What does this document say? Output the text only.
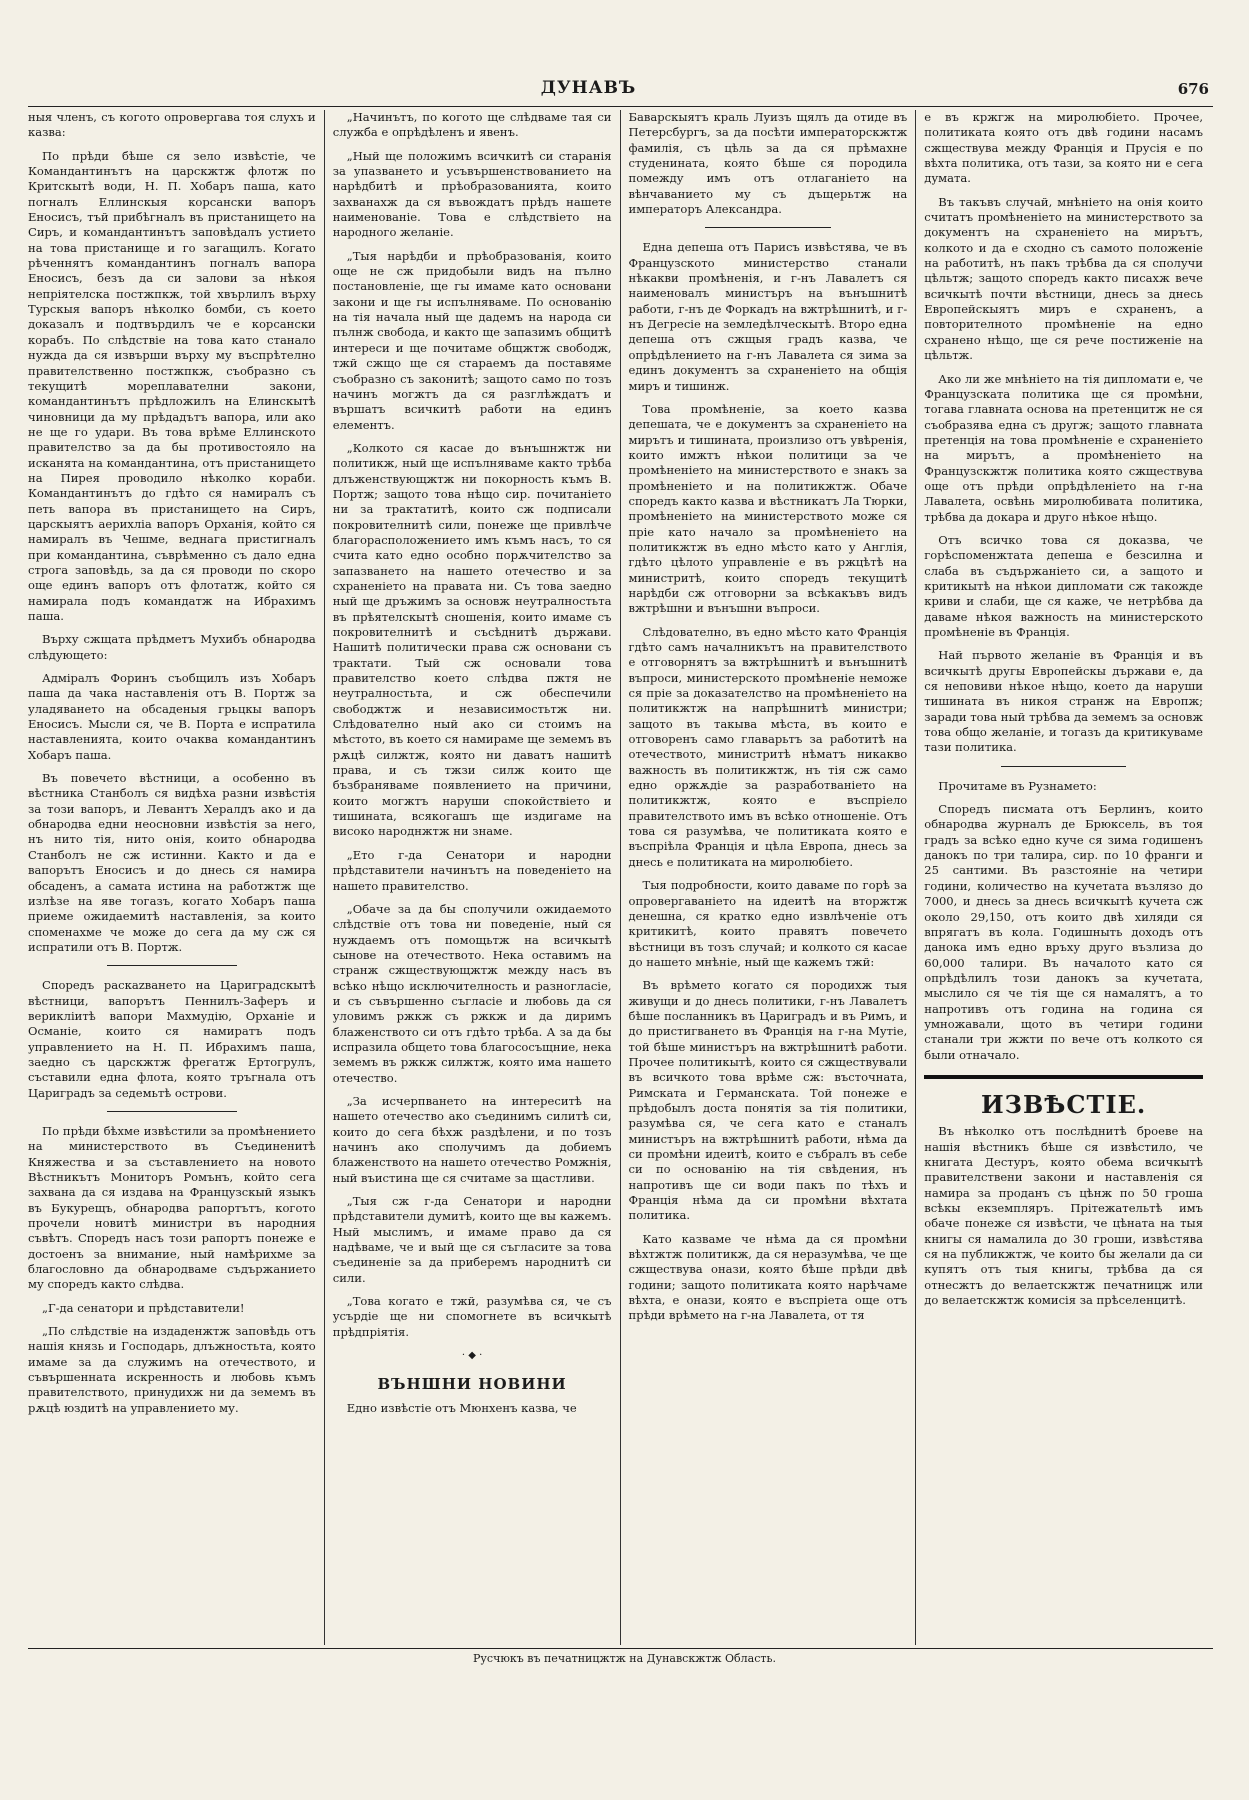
ДУНАВЪ	676

ныя членъ, съ когото опровергава тоя слухъ и казва:

По прѣди бѣше ся зело извѣстіе, че Командантинътъ на царскжтж флотж по Критскытѣ води, Н. П. Хобаръ паша, като погналъ Еллинскыя корсански вапоръ Еносисъ, тъй прибѣгналъ въ пристанището на Сиръ, и командантинътъ заповѣдалъ устието на това пристанище и го загащилъ. Когато рѣченнятъ командантинъ погналъ вапора Еносисъ, безъ да си залови за нѣкоя непріятелска постжпкж, той хвърлилъ върху Турскыя вапоръ нѣколко бомби, съ което доказалъ и подтвърдилъ че е корсански корабъ. По слѣдствіе на това като станало нужда да ся извърши върху му въспрѣтелно правителственно постжпкж, съобразно съ текущитѣ мореплавателни закони, командантинътъ прѣдложилъ на Елинскытѣ чиновници да му прѣдадътъ вапора, или ако не ще го удари. Въ това врѣме Еллинското правителство за да бы противостояло на исканята на командантина, отъ пристанището на Пирея проводило нѣколко кораби. Командантинътъ до гдѣто ся намиралъ съ петь вапора въ пристанището на Сиръ, царскыятъ аерихліа вапоръ Орханія, който ся намиралъ въ Чешме, веднага пристигналъ при командантина, съврѣменно съ дало една строга заповѣдь, за да ся проводи по скоро още единъ вапоръ отъ флотатж, който ся намирала подъ командатж на Ибрахимъ паша.

Върху сжщата прѣдметъ Мухибъ обнародва слѣдующето:

Адміралъ Форинъ съобщилъ изъ Хобаръ паша да чака наставленія отъ В. Портж за уладяването на обсаденыя грьцкы вапоръ Еносисъ. Мысли ся, че В. Порта е испратила наставленията, които очаква командантинъ Хобаръ паша.

Въ повечето вѣстници, а особенно въ вѣстника Станболъ ся видѣха разни извѣстія за този вапоръ, и Левантъ Хералдъ ако и да обнародва едни неосновни извѣстія за него, нъ нито тія, нито онія, които обнародва Станболъ не сж истинни. Както и да е вапорътъ Еносисъ и до днесь ся намира обсаденъ, а самата истина на работжтж ще излѣзе на яве тогазъ, когато Хобаръ паша приеме ожидаемитѣ наставленія, за които споменахме че може до сега да му сж ся испратили отъ В. Портж.

Споредъ раскazването на Цариградскытѣ вѣстници, вапорътъ Пеннилъ-Заферъ и верикліитѣ вапори Махмудію, Орханіе и Османіе, които ся намиратъ подъ управлението на Н. П. Ибрахимъ паша, заедно съ царскжтж фрегатж Ертогрулъ, съставили една флота, която тръгнала отъ Цариградъ за седемьтѣ острови.

По прѣди бѣхме извѣстили за промѣнението на министерството въ Съединенитѣ Княжества и за съставлението на новото Вѣстникътъ Мониторъ Ромънъ, който сега захвана да ся издава на Французскый языкъ въ Букурещъ, обнародва рапортътъ, когото прочели новитѣ министри въ народния съвѣтъ. Споредъ насъ този рапортъ понеже е достоенъ за внимание, ный намѣрихме за благословно да обнародваме съдържанието му споредъ както слѣдва.

„Г-да сенатори и прѣдставители!

„По слѣдствіе на издаденжтж заповѣдь отъ нашія князь и Господарь, длъжностьта, която имаме за да служимъ на отечеството, и съвършенната искренность и любовь къмъ правителството, принудихж ни да земемъ въ рѫцѣ юздитѣ на управлението му.

„Начинътъ, по когото ще слѣдваме тая си служба е опрѣдѣленъ и явенъ.

„Ный ще положимъ всичкитѣ си старанія за упазването и усъвършенствованието на нарѣдбитѣ и прѣобразованията, които захванахж да ся въвождатъ прѣдъ нашете наименованіе. Това е слѣдствіето на народного желаніе.

„Тыя нарѣдби и прѣобразованія, които още не сж придобыли видъ на пълно постановленіе, ще гы имаме като основани закони и ще гы испълняваме. По основанію на тія начала ный ще дадемъ на народа си пълнж свобода, и както ще запазимъ общитѣ интереси и ще почитаме общжтж свободж, тжй сжщо ще ся стараемъ да поставяме съобразно съ законитѣ; защото само по тозъ начинъ могжтъ да ся разглѣждатъ и вършатъ всичкитѣ работи на единъ елементъ.

„Колкото ся касае до вънъшнжтж ни политикж, ный ще испълняваме както трѣба длъженствующжтж ни покорность къмъ В. Портж; защото това нѣщо сир. почитаніето ни за трактатитѣ, които сж подписали покровителнитѣ сили, понеже ще привлѣче благорасположението имъ къмъ насъ, то ся счита като едно особно порѫчителство за запазването на нашето отечество и за схраненіето на правата ни. Съ това заедно ный ще дръжимъ за основж неутралностьта въ прѣятелскытѣ сношенія, които имаме съ покровителнитѣ и съсѣднитѣ държави. Нашитѣ политически права сж основани съ трактати. Тый сж основали това правителство което слѣдва пжтя не неутралностьта, и сж обеспечили свободжтж и независимостьтж ни. Слѣдователно ный ако си стоимъ на мѣстото, въ което ся намираме ще земемъ въ рѫцѣ силжтж, която ни даватъ нашитѣ права, и съ тжзи силж които ще бъзбраняваме появлението на причини, които могжтъ наруши спокойствіето и тишината, всякогашъ ще издигаме на високо народнжтж ни знаме.

„Ето г-да Сенатори и народни прѣдставители начинътъ на поведеніето на нашето правителство.

„Обаче за да бы сполучили ожидаемото слѣдствіе отъ това ни поведеніе, ный ся нуждаемъ отъ помощьтж на всичкытѣ сынове на отечеството. Нека оставимъ на странж сжществующжтж между насъ въ всѣко нѣщо исключителность и разногласіе, и съ съвършенно съгласіе и любовь да ся уловимъ ржкж съ ржкж и да диримъ блаженството си отъ гдѣто трѣба. А за да бы испразила общето това благососъщние, нека земемъ въ ржкж силжтж, която има нашето отечество.

„За исчерпването на интереситѣ на нашето отечество ако съединимъ силитѣ си, които до сега бѣхж раздѣлени, и по тозъ начинъ ако сполучимъ да добиемъ блаженството на нашето отечество Ромжнія, ный въистина ще ся считаме за щастливи.

„Тыя сж г-да Сенатори и народни прѣдставители думитѣ, които ще вы кажемъ. Ный мыслимъ, и имаме право да ся надѣваме, че и вый ще ся съгласите за това съединеніе за да приберемъ народнитѣ си сили.

„Това когато е тжй, разумѣва ся, че съ усърдіе ще ни спомогнете въ всичкытѣ прѣдпріятія.

· ◆ ·
ВЪНШНИ НОВИНИ

Едно извѣстіе отъ Мюнхенъ казва, че

Баварскыятъ краль Луизъ щялъ да отиде въ Петерсбургъ, за да посѣти императорскжтж фамилія, съ цѣль за да ся прѣмахне студенината, която бѣше ся породила помежду имъ отъ отлаганіето на вѣнчаванието му съ дъщерьтж на императоръ Александра.

Една депеша отъ Парисъ извѣстява, че въ Французското министерство станали нѣкакви промѣненія, и г-нъ Лавалетъ ся наименовалъ министъръ на вънъшнитѣ работи, г-нъ де Форкадъ на вжтрѣшнитѣ, и г-нъ Дегресіе на земледѣлческытѣ. Второ една депеша отъ сжщыя градъ казва, че опрѣдѣлението на г-нъ Лавалета ся зима за единъ документъ за схраненіето на общія миръ и тишинж.

Това промѣненіе, за което казва депешата, че е документъ за схраненіето на мирътъ и тишината, произлизо отъ увѣренія, които имжтъ нѣкои политици за че промѣненіето на министерството е знакъ за промѣненіето и на политикжтж. Обаче споредъ както казва и вѣстникатъ Ла Тюрки, промѣненіето на министерството може ся пріе като начало за промѣненіето на политикжтж въ едно мѣсто като у Англія, гдѣто цѣлото управленіе е въ ржцѣтѣ на министритѣ, които споредъ текущитѣ нарѣдби сж отговорни за всѣкакъвъ видъ вжтрѣшни и вънъшни въпроси.

Слѣдователно, въ едно мѣсто като Франція гдѣто самъ началникътъ на правителството е отговорнятъ за вжтрѣшнитѣ и вънъшнитѣ въпроси, министерското промѣненіе неможе ся пріе за доказателство на промѣненіето на политикжтж на напрѣшнитѣ министри; защото въ такыва мѣста, въ които е отговоренъ само главарьтъ за работитѣ на отечеството, министритѣ нѣматъ никакво важность въ политикжтж, нъ тія сж само едно оржѫдіе за разработваніето на политикжтж, която е въспріело правителството имъ въ всѣко отношеніе. Отъ това ся разумѣва, че политиката която е въспріѣла Франція и цѣла Европа, днесь за днесь е политиката на миролюбіето.

Тыя подробности, които даваме по горѣ за опровергаваніето на идеитѣ на вторжтж денешна, ся кратко едно извлѣченіе отъ критикитѣ, които правятъ повечето вѣстници въ тозъ случай; и колкото ся касае до нашето мнѣніе, ный ще кажемъ тжй:

Въ врѣмето когато ся породихж тыя живущи и до днесь политики, г-нъ Лавалетъ бѣше посланникъ въ Цариградъ и въ Римъ, и до пристигването въ Франція на г-на Мутіе, той бѣше министъръ на вжтрѣшнитѣ работи. Прочее политикытѣ, които ся сжществували въ всичкото това врѣме сж: въсточната, Римската и Германската. Той понеже е прѣдобылъ доста понятія за тія политики, разумѣва ся, че сега като е станалъ министъръ на вжтрѣшнитѣ работи, нѣма да си промѣни идеитѣ, които е събралъ въ себе си по основанію на тія свѣдения, нъ напротивъ ще си води пакъ по тѣхъ и Франція нѣма да си промѣни вѣхтата политика.

Като казваме че нѣма да ся промѣни вѣхтжтж политикж, да ся неразумѣва, че ще сжществува онази, която бѣше прѣди двѣ години; защото политиката която нарѣчаме вѣхта, е онази, която е въспріета още отъ прѣди врѣмето на г-на Лавалета, от тя

е въ кржгж на миролюбіето. Прочее, политиката която отъ двѣ години насамъ сжществува между Франція и Прусія е по вѣхта политика, отъ тази, за която ни е сега думата.

Въ такъвъ случай, мнѣніето на онія които считатъ промѣненіето на министерството за документъ на схраненіето на мирътъ, колкото и да е сходно съ самото положеніе на работитѣ, нъ пакъ трѣбва да ся сполучи цѣльтж; защото споредъ както писахж вече всичкытѣ почти вѣстници, днесь за днесь Европейскыятъ миръ е схраненъ, а повторителното промѣненіе на едно схранено нѣщо, ще ся рече постиженіе на цѣльтж.

Ако ли же мнѣніето на тія дипломати е, че Французската политика ще ся промѣни, тогава главната основа на претенцитж не ся съобразява една съ другж; защото главната претенція на това промѣненіе е схраненіето на мирътъ, а промѣненіето на Французскжтж политика която сжществува още отъ прѣди опрѣдѣленіето на г-на Лавалета, освѣнь миролюбивата политика, трѣбва да докара и друго нѣкое нѣщо.

Отъ всичко това ся доказва, че горѣспоменжтата депеша е безсилна и слаба въ съдържаніето си, а защото и критикытѣ на нѣкои дипломати сж такожде криви и слаби, ще ся каже, че нетрѣбва да даваме нѣкоя важность на министерското промѣненіе въ Франція.

Най първото желаніе въ Франція и въ всичкытѣ другы Европейскы държави е, да ся неповиви нѣкое нѣщо, което да наруши тишината въ никоя странж на Европж; заради това ный трѣбва да земемъ за основж това общо желаніе, и тогазъ да критикуваме тази политика.

Прочитаме въ Рузнамето:

Споредъ писмата отъ Берлинъ, които обнародва журналъ де Брюксель, въ тоя градъ за всѣко едно куче ся зима годишенъ данокъ по три талира, сир. по 10 франги и 25 сантими. Въ разстояніе на четири години, количество на кучетата възлязо до 7000, и днесь за днесь всичкытѣ кучета сж около 29,150, отъ които двѣ хиляди ся впрягатъ въ кола. Годишныть доходъ отъ данока имъ едно връху друго възлиза до 60,000 талири. Въ началото като ся опрѣдѣлилъ този данокъ за кучетата, мыслило ся че тія ще ся намалятъ, а то напротивъ отъ година на година ся умножавали, щото въ четири години станали три жжти по вече отъ колкото ся были отначало.

ИЗВѢСТІЕ.

Въ нѣколко отъ послѣднитѣ броеве на нашія вѣстникъ бѣше ся извѣстило, че книгата Дестуръ, която обема всичкытѣ правителствени закони и наставленія ся намира за проданъ съ цѣнж по 50 гроша всѣкы екземпляръ. Прітежательтѣ имъ обаче понеже ся извѣсти, че цѣната на тыя книгы ся намалила до 30 гроши, извѣстява ся на публикжтж, че които бы желали да си купятъ отъ тыя книгы, трѣбва да ся отнесжтъ до велаетскжтж печатницж или до велаетскжтж комисія за прѣселенцитѣ.

Русчюкъ въ печатницжтж на Дунавскжтж Область.
